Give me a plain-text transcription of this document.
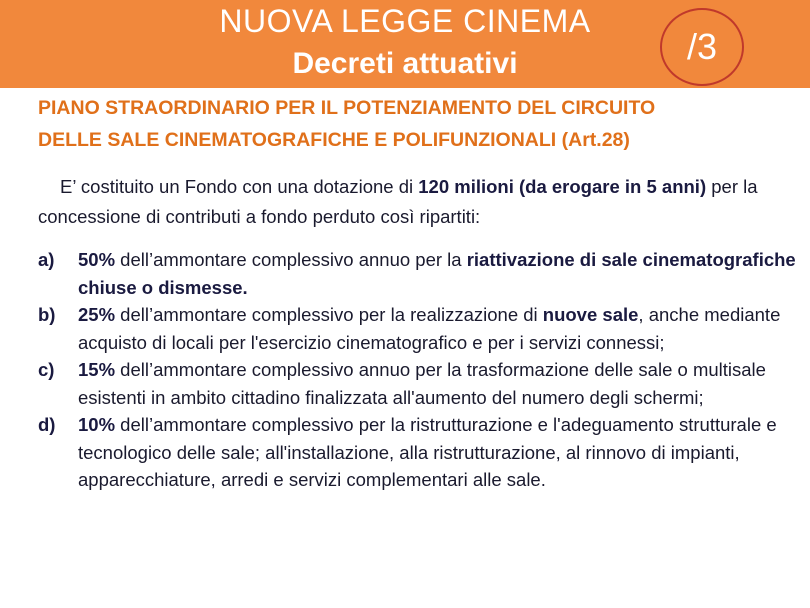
NUOVA LEGGE CINEMA
Decreti attuativi	/3
PIANO STRAORDINARIO PER IL POTENZIAMENTO DEL CIRCUITO
DELLE SALE CINEMATOGRAFICHE E POLIFUNZIONALI (Art.28)
E’ costituito un Fondo con una dotazione di 120 milioni (da erogare in 5 anni) per la concessione di contributi a fondo perduto così ripartiti:
a) 50% dell’ammontare complessivo annuo per la riattivazione di sale cinematografiche chiuse o dismesse.
b) 25% dell’ammontare complessivo per la realizzazione di nuove sale, anche mediante acquisto di locali per l'esercizio cinematografico e per i servizi connessi;
c) 15% dell’ammontare complessivo annuo per la trasformazione delle sale o multisale esistenti in ambito cittadino finalizzata all'aumento del numero degli schermi;
d) 10% dell’ammontare complessivo per la ristrutturazione e l'adeguamento strutturale e tecnologico delle sale; all'installazione, alla ristrutturazione, al rinnovo di impianti, apparecchiature, arredi e servizi complementari alle sale.
